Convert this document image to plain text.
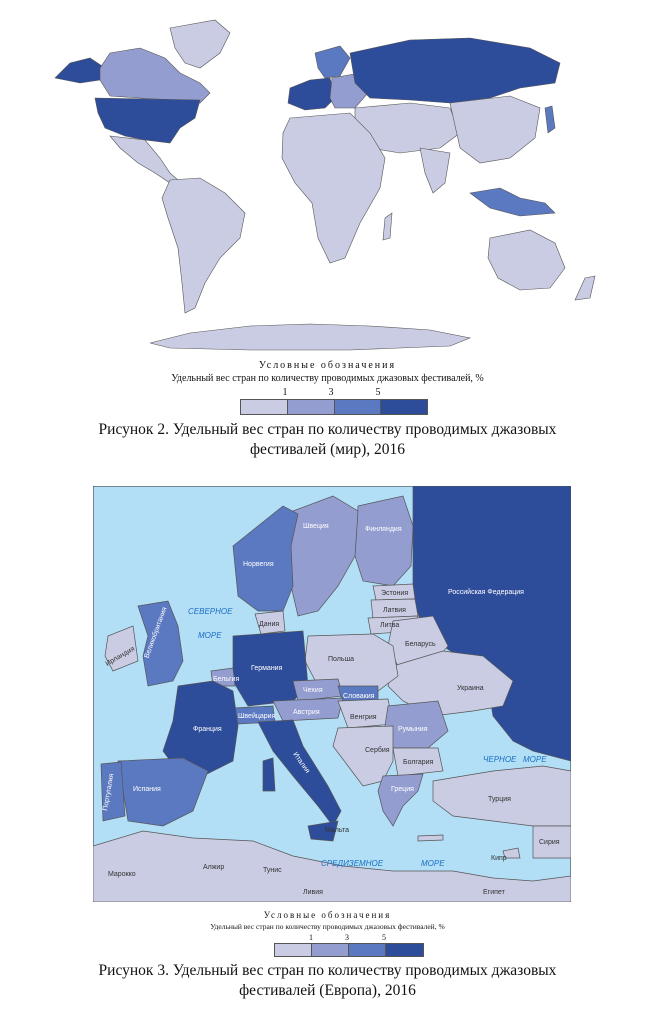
Условные обозначения
Удельный вес стран по количеству проводимых джазовых фестивалей, %
1	3	5
Рисунок 2. Удельный вес стран по количеству проводимых джазовых
фестивалей (мир), 2016
Швеция	Финляндия
Норвегия
Эстония
Латвия
Литва
Беларусь
Российская Федерация
Украина
Великобритания
Ирландия
Дания
Польша
Германия
Бельгия
Чехия
Словакия
Австрия
Венгрия
Румыния
Швейцария
Франция
Италия
Сербия
Болгария
Греция
Испания
Португалия	Турция
Мальта
Кипр
Сирия
Марокко
Алжир	Тунис
Ливия	Египет
СЕВЕРНОЕ
МОРЕ
ЧЕРНОЕ МОРЕ
СРЕДИЗЕМНОЕ	МОРЕ
Условные обозначения
Удельный вес стран по количеству проводимых джазовых фестивалей, %
1	3	5
Рисунок 3. Удельный вес стран по количеству проводимых джазовых
фестивалей (Европа), 2016
